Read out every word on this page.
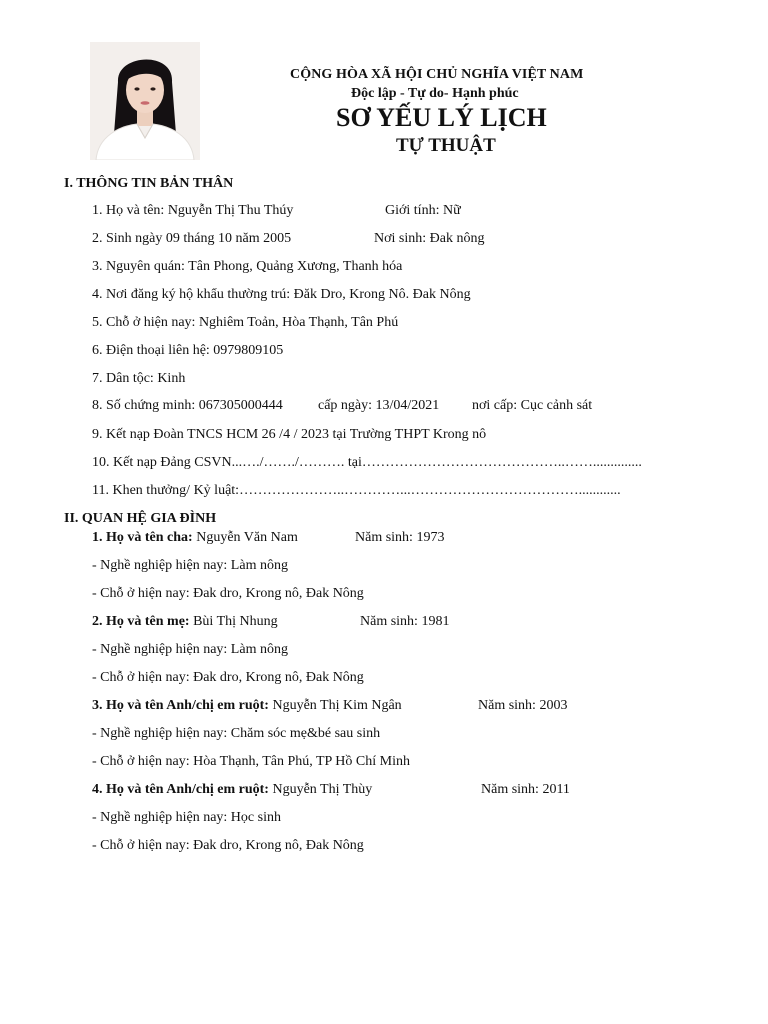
CỘNG HÒA XÃ HỘI CHỦ NGHĨA VIỆT NAM
Độc lập - Tự do- Hạnh phúc
SƠ YẾU LÝ LỊCH
TỰ THUẬT
I. THÔNG TIN BẢN THÂN
1. Họ và tên: Nguyễn Thị Thu Thúy	Giới tính: Nữ
2. Sinh ngày 09 tháng 10 năm 2005	Nơi sinh: Đak nông
3. Nguyên quán: Tân Phong, Quảng Xương, Thanh hóa
4. Nơi đăng ký hộ khẩu thường trú: Đăk Dro, Krong Nô. Đak Nông
5. Chỗ ở hiện nay: Nghiêm Toản, Hòa Thạnh, Tân Phú
6. Điện thoại liên hệ: 0979809105
7. Dân tộc: Kinh
8. Số chứng minh: 067305000444	cấp ngày: 13/04/2021 nơi cấp: Cục cảnh sát
9. Kết nạp Đoàn TNCS HCM 26 /4 / 2023 tại Trường THPT Krong nô
10. Kết nạp Đảng CSVN...…./……./………. tại……………………………………..……..............
11. Khen thưởng/ Kỷ luật:…………………..…………...………………………………............
II. QUAN HỆ GIA ĐÌNH
1. Họ và tên cha: Nguyễn Văn Nam	Năm sinh: 1973
- Nghề nghiệp hiện nay: Làm nông
- Chỗ ở hiện nay: Đak dro, Krong nô, Đak Nông
2. Họ và tên mẹ: Bùi Thị Nhung	Năm sinh: 1981
- Nghề nghiệp hiện nay: Làm nông
- Chỗ ở hiện nay: Đak dro, Krong nô, Đak Nông
3. Họ và tên Anh/chị em ruột: Nguyễn Thị Kim Ngân	Năm sinh: 2003
- Nghề nghiệp hiện nay: Chăm sóc mẹ&bé sau sinh
- Chỗ ở hiện nay: Hòa Thạnh, Tân Phú, TP Hồ Chí Minh
4. Họ và tên Anh/chị em ruột: Nguyễn Thị Thùy	Năm sinh: 2011
- Nghề nghiệp hiện nay: Học sinh
- Chỗ ở hiện nay: Đak dro, Krong nô, Đak Nông
